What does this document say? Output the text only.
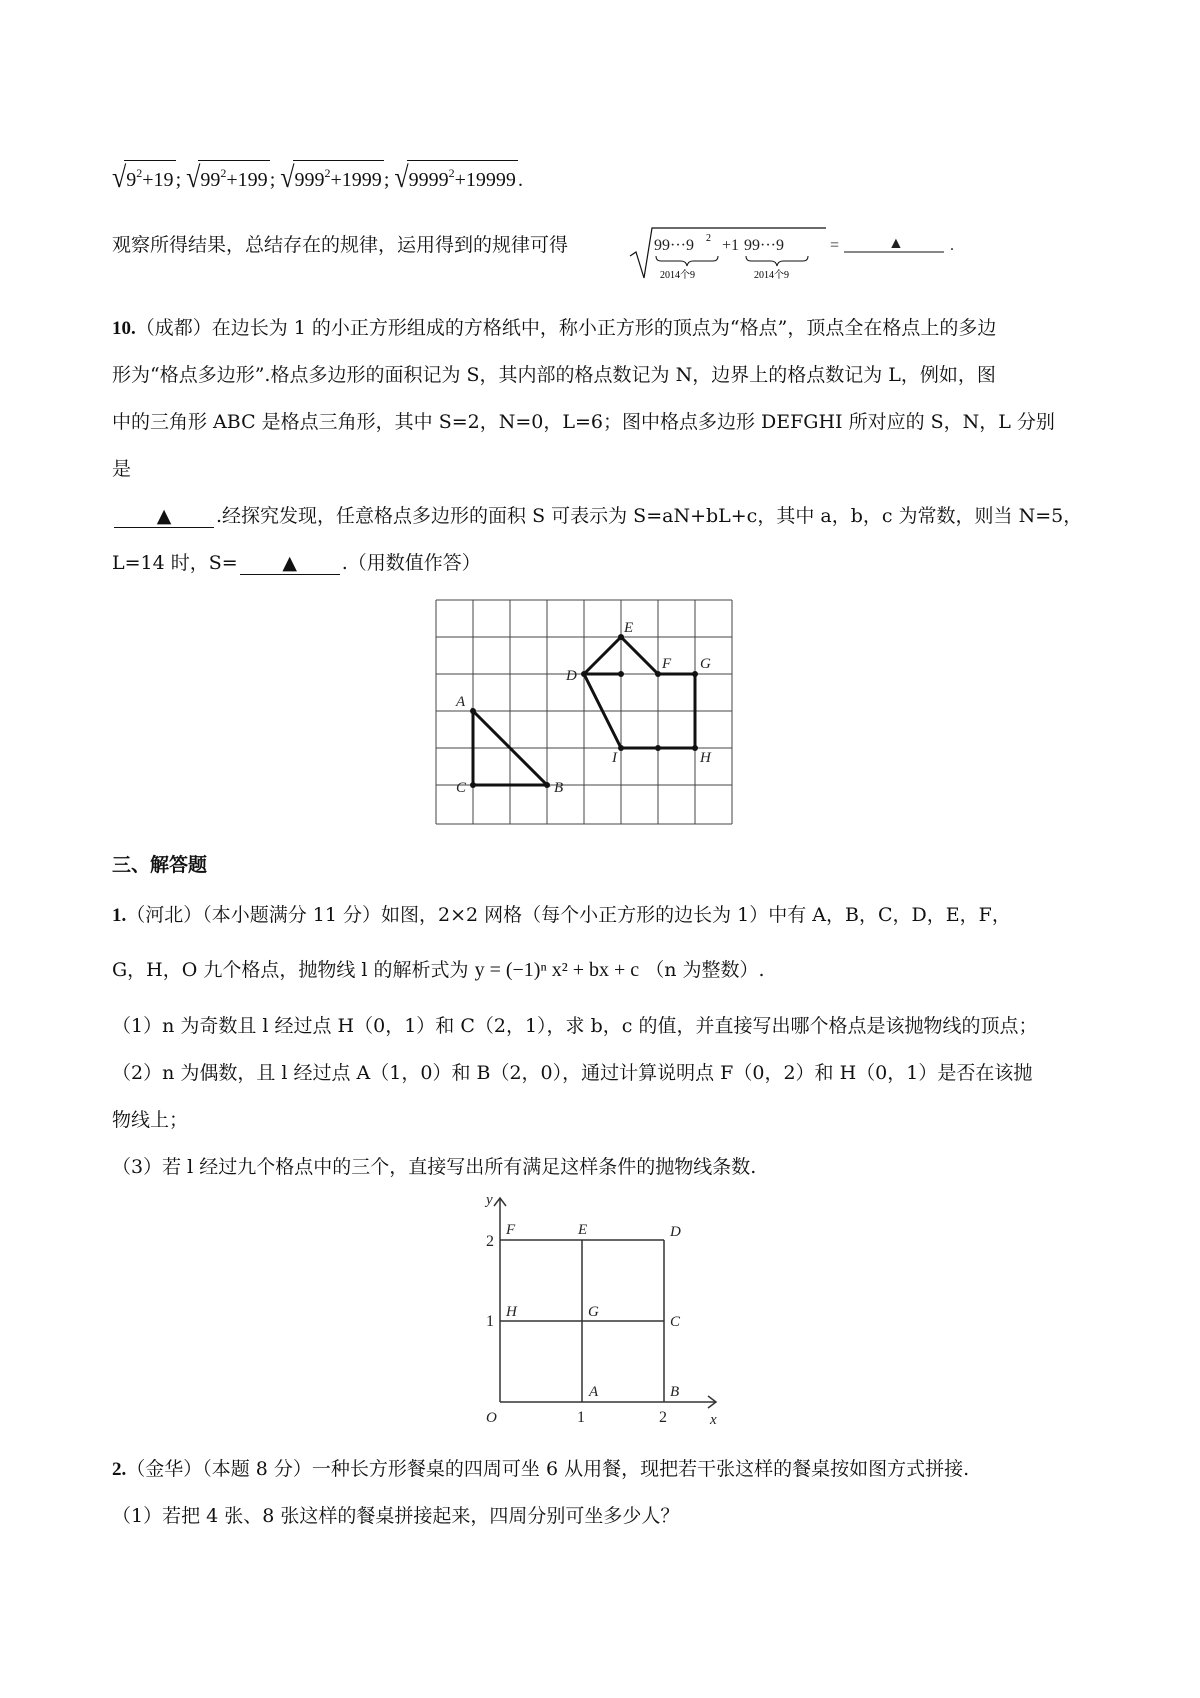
$√9^2+19$ ; $√99^2+199$ ; $√999^2+1999$ ; $√9999^2+19999$ .
观察所得结果，总结存在的规律，运用得到的规律可得	99···9 2
2014个9
+1 99···9
2014个9
=	▲	.
10.（成都）在边长为 1 的小正方形组成的方格纸中，称小正方形的顶点为“格点”，顶点全在格点上的多边
形为“格点多边形”.格点多边形的面积记为 S，其内部的格点数记为 N，边界上的格点数记为 L，例如，图
中的三角形 ABC 是格点三角形，其中 S=2，N=0，L=6；图中格点多边形 DEFGHI 所对应的 S，N，L 分别
是
▲ .经探究发现，任意格点多边形的面积 S 可表示为 S=aN+bL+c，其中 a，b，c 为常数，则当 N=5，
L=14 时，S= ▲ .（用数值作答）
A
C	B
D
E
F G
H
I
三、解答题
1.（河北）（本小题满分 11 分）如图，2×2 网格（每个小正方形的边长为 1）中有 A，B，C，D，E，F，
G，H，O 九个格点，抛物线 l 的解析式为 y = (−1)ⁿ x² + bx + c （n 为整数）.
（1）n 为奇数且 l 经过点 H（0，1）和 C（2，1），求 b，c 的值，并直接写出哪个格点是该抛物线的顶点；
（2）n 为偶数，且 l 经过点 A（1，0）和 B（2，0），通过计算说明点 F（0，2）和 H（0，1）是否在该抛
物线上；
（3）若 l 经过九个格点中的三个，直接写出所有满足这样条件的抛物线条数.
y
x
O	1	2
1
2
A	B
C
D
E
F
G
H
2.（金华）（本题 8 分）一种长方形餐桌的四周可坐 6 从用餐，现把若干张这样的餐桌按如图方式拼接.
（1）若把 4 张、8 张这样的餐桌拼接起来，四周分别可坐多少人？
